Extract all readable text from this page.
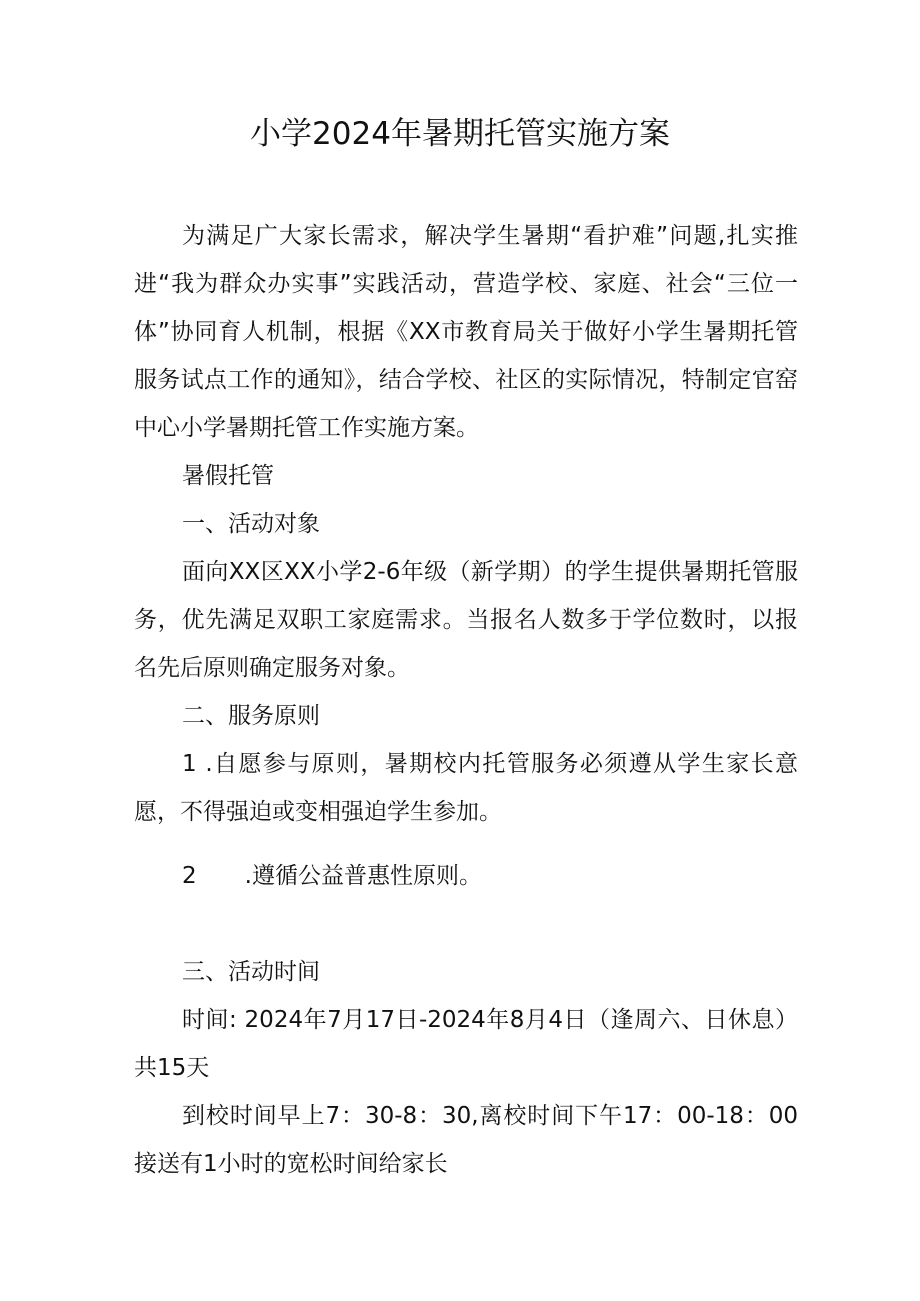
小学2024年暑期托管实施方案

为满足广大家长需求，解决学生暑期“看护难”问题,扎实推进“我为群众办实事”实践活动，营造学校、家庭、社会“三位一体”协同育人机制，根据《XX市教育局关于做好小学生暑期托管服务试点工作的通知》，结合学校、社区的实际情况，特制定官窑中心小学暑期托管工作实施方案。

暑假托管

一、活动对象

面向XX区XX小学2-6年级（新学期）的学生提供暑期托管服务，优先满足双职工家庭需求。当报名人数多于学位数时，以报名先后原则确定服务对象。

二、服务原则

1 .自愿参与原则，暑期校内托管服务必须遵从学生家长意愿，不得强迫或变相强迫学生参加。

2 .遵循公益普惠性原则。

三、活动时间

时间: 2024年7月17日-2024年8月4日（逢周六、日休息）共15天

到校时间早上7：30-8：30,离校时间下午17：00-18：00接送有1小时的宽松时间给家长
